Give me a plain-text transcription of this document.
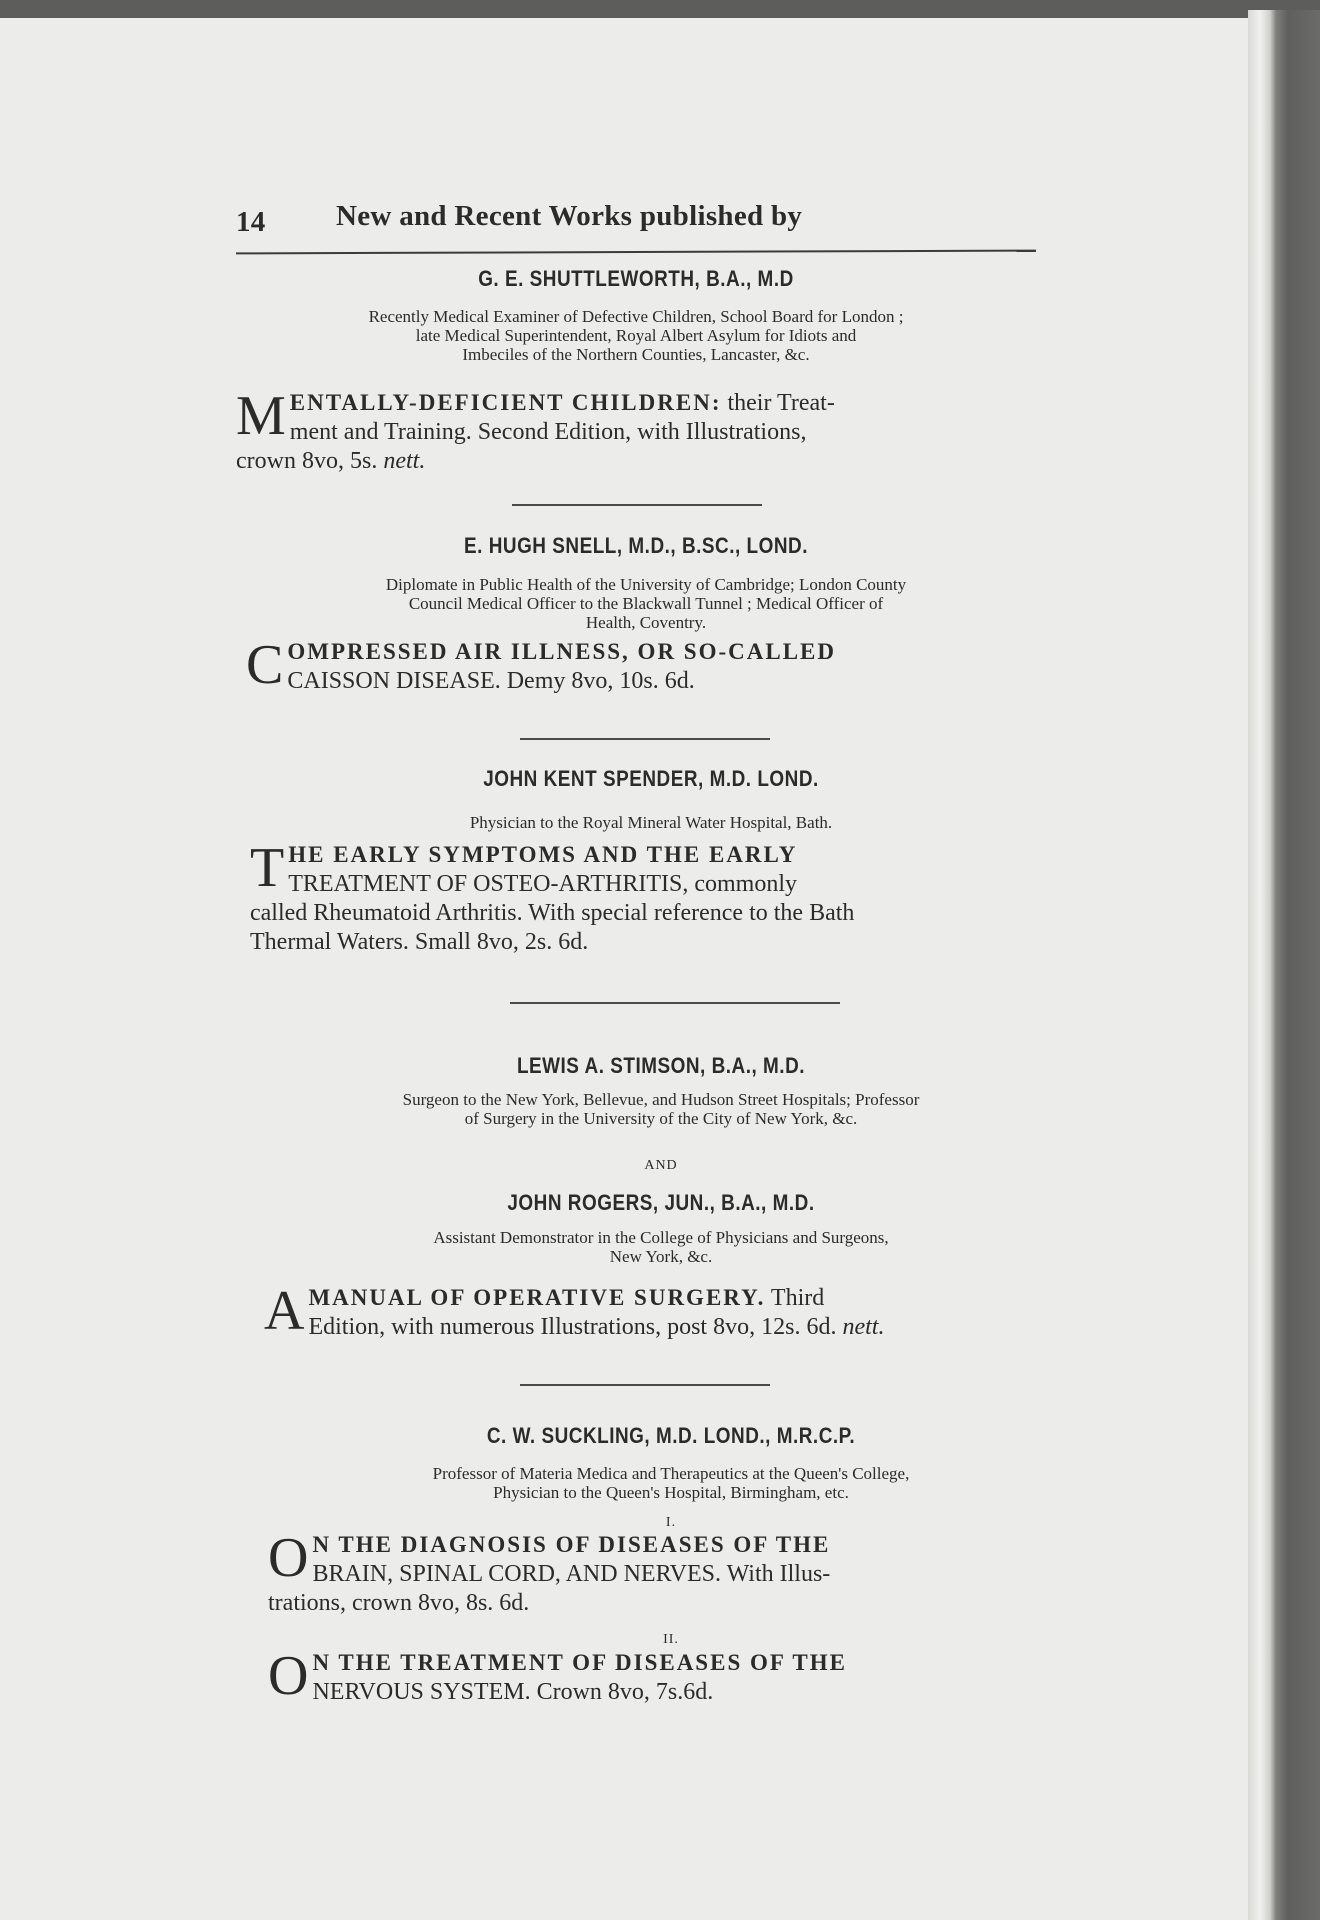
14 New and Recent Works published by
G. E. SHUTTLEWORTH, B.A., M.D
Recently Medical Examiner of Defective Children, School Board for London ;
late Medical Superintendent, Royal Albert Asylum for Idiots and
Imbeciles of the Northern Counties, Lancaster, &c.
M ENTALLY-DEFICIENT CHILDREN: their Treat-
ment and Training. Second Edition, with Illustrations,
crown 8vo, 5s. nett.
E. HUGH SNELL, M.D., B.SC., LOND.
Diplomate in Public Health of the University of Cambridge; London County
Council Medical Officer to the Blackwall Tunnel ; Medical Officer of
Health, Coventry.
C OMPRESSED AIR ILLNESS, OR SO-CALLED
CAISSON DISEASE. Demy 8vo, 10s. 6d.
JOHN KENT SPENDER, M.D. LOND.
Physician to the Royal Mineral Water Hospital, Bath.
T HE EARLY SYMPTOMS AND THE EARLY
TREATMENT OF OSTEO-ARTHRITIS, commonly
called Rheumatoid Arthritis. With special reference to the Bath
Thermal Waters. Small 8vo, 2s. 6d.
LEWIS A. STIMSON, B.A., M.D.
Surgeon to the New York, Bellevue, and Hudson Street Hospitals; Professor
of Surgery in the University of the City of New York, &c.
AND
JOHN ROGERS, JUN., B.A., M.D.
Assistant Demonstrator in the College of Physicians and Surgeons,
New York, &c.
A MANUAL OF OPERATIVE SURGERY. Third
Edition, with numerous Illustrations, post 8vo, 12s. 6d. nett.
C. W. SUCKLING, M.D. LOND., M.R.C.P.
Professor of Materia Medica and Therapeutics at the Queen's College,
Physician to the Queen's Hospital, Birmingham, etc.
I.
O N THE DIAGNOSIS OF DISEASES OF THE
BRAIN, SPINAL CORD, AND NERVES. With Illus-
trations, crown 8vo, 8s. 6d.
II.
O N THE TREATMENT OF DISEASES OF THE
NERVOUS SYSTEM. Crown 8vo, 7s.6d.
